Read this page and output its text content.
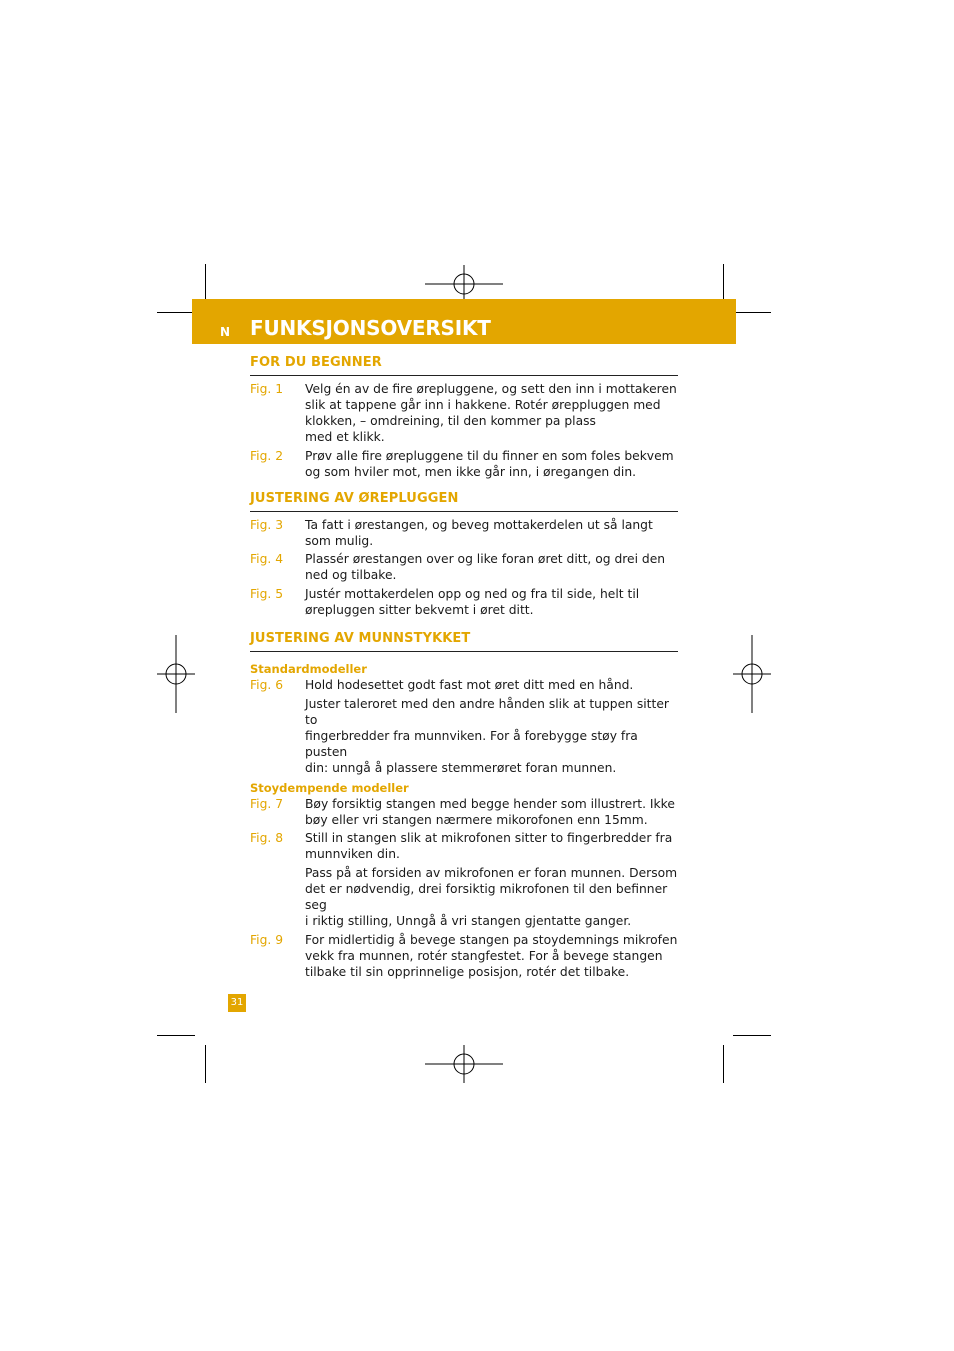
N FUNKSJONSOVERSIKT
FOR DU BEGNNER
Fig. 1	Velg én av de fire ørepluggene, og sett den inn i mottakeren
slik at tappene går inn i hakkene. Rotér øreppluggen med
klokken, – omdreining, til den kommer pa plass
med et klikk.
Fig. 2	Prøv alle fire ørepluggene til du finner en som foles bekvem
og som hviler mot, men ikke går inn, i øregangen din.
JUSTERING AV ØREPLUGGEN
Fig. 3	Ta fatt i ørestangen, og beveg mottakerdelen ut så langt
som mulig.
Fig. 4	Plassér ørestangen over og like foran øret ditt, og drei den
ned og tilbake.
Fig. 5	Justér mottakerdelen opp og ned og fra til side, helt til
ørepluggen sitter bekvemt i øret ditt.
JUSTERING AV MUNNSTYKKET
Standardmodeller
Fig. 6	Hold hodesettet godt fast mot øret ditt med en hånd.
Juster taleroret med den andre hånden slik at tuppen sitter to
fingerbredder fra munnviken. For å forebygge støy fra pusten
din: unngå å plassere stemmerøret foran munnen.
Stoydempende modeller
Fig. 7	Bøy forsiktig stangen med begge hender som illustrert. Ikke
bøy eller vri stangen nærmere mikorofonen enn 15mm.
Fig. 8	Still in stangen slik at mikrofonen sitter to fingerbredder fra
munnviken din.
Pass på at forsiden av mikrofonen er foran munnen. Dersom
det er nødvendig, drei forsiktig mikrofonen til den befinner seg
i riktig stilling, Unngå å vri stangen gjentatte ganger.
Fig. 9	For midlertidig å bevege stangen pa stoydemnings mikrofen
vekk fra munnen, rotér stangfestet. For å bevege stangen
tilbake til sin opprinnelige posisjon, rotér det tilbake.
31
